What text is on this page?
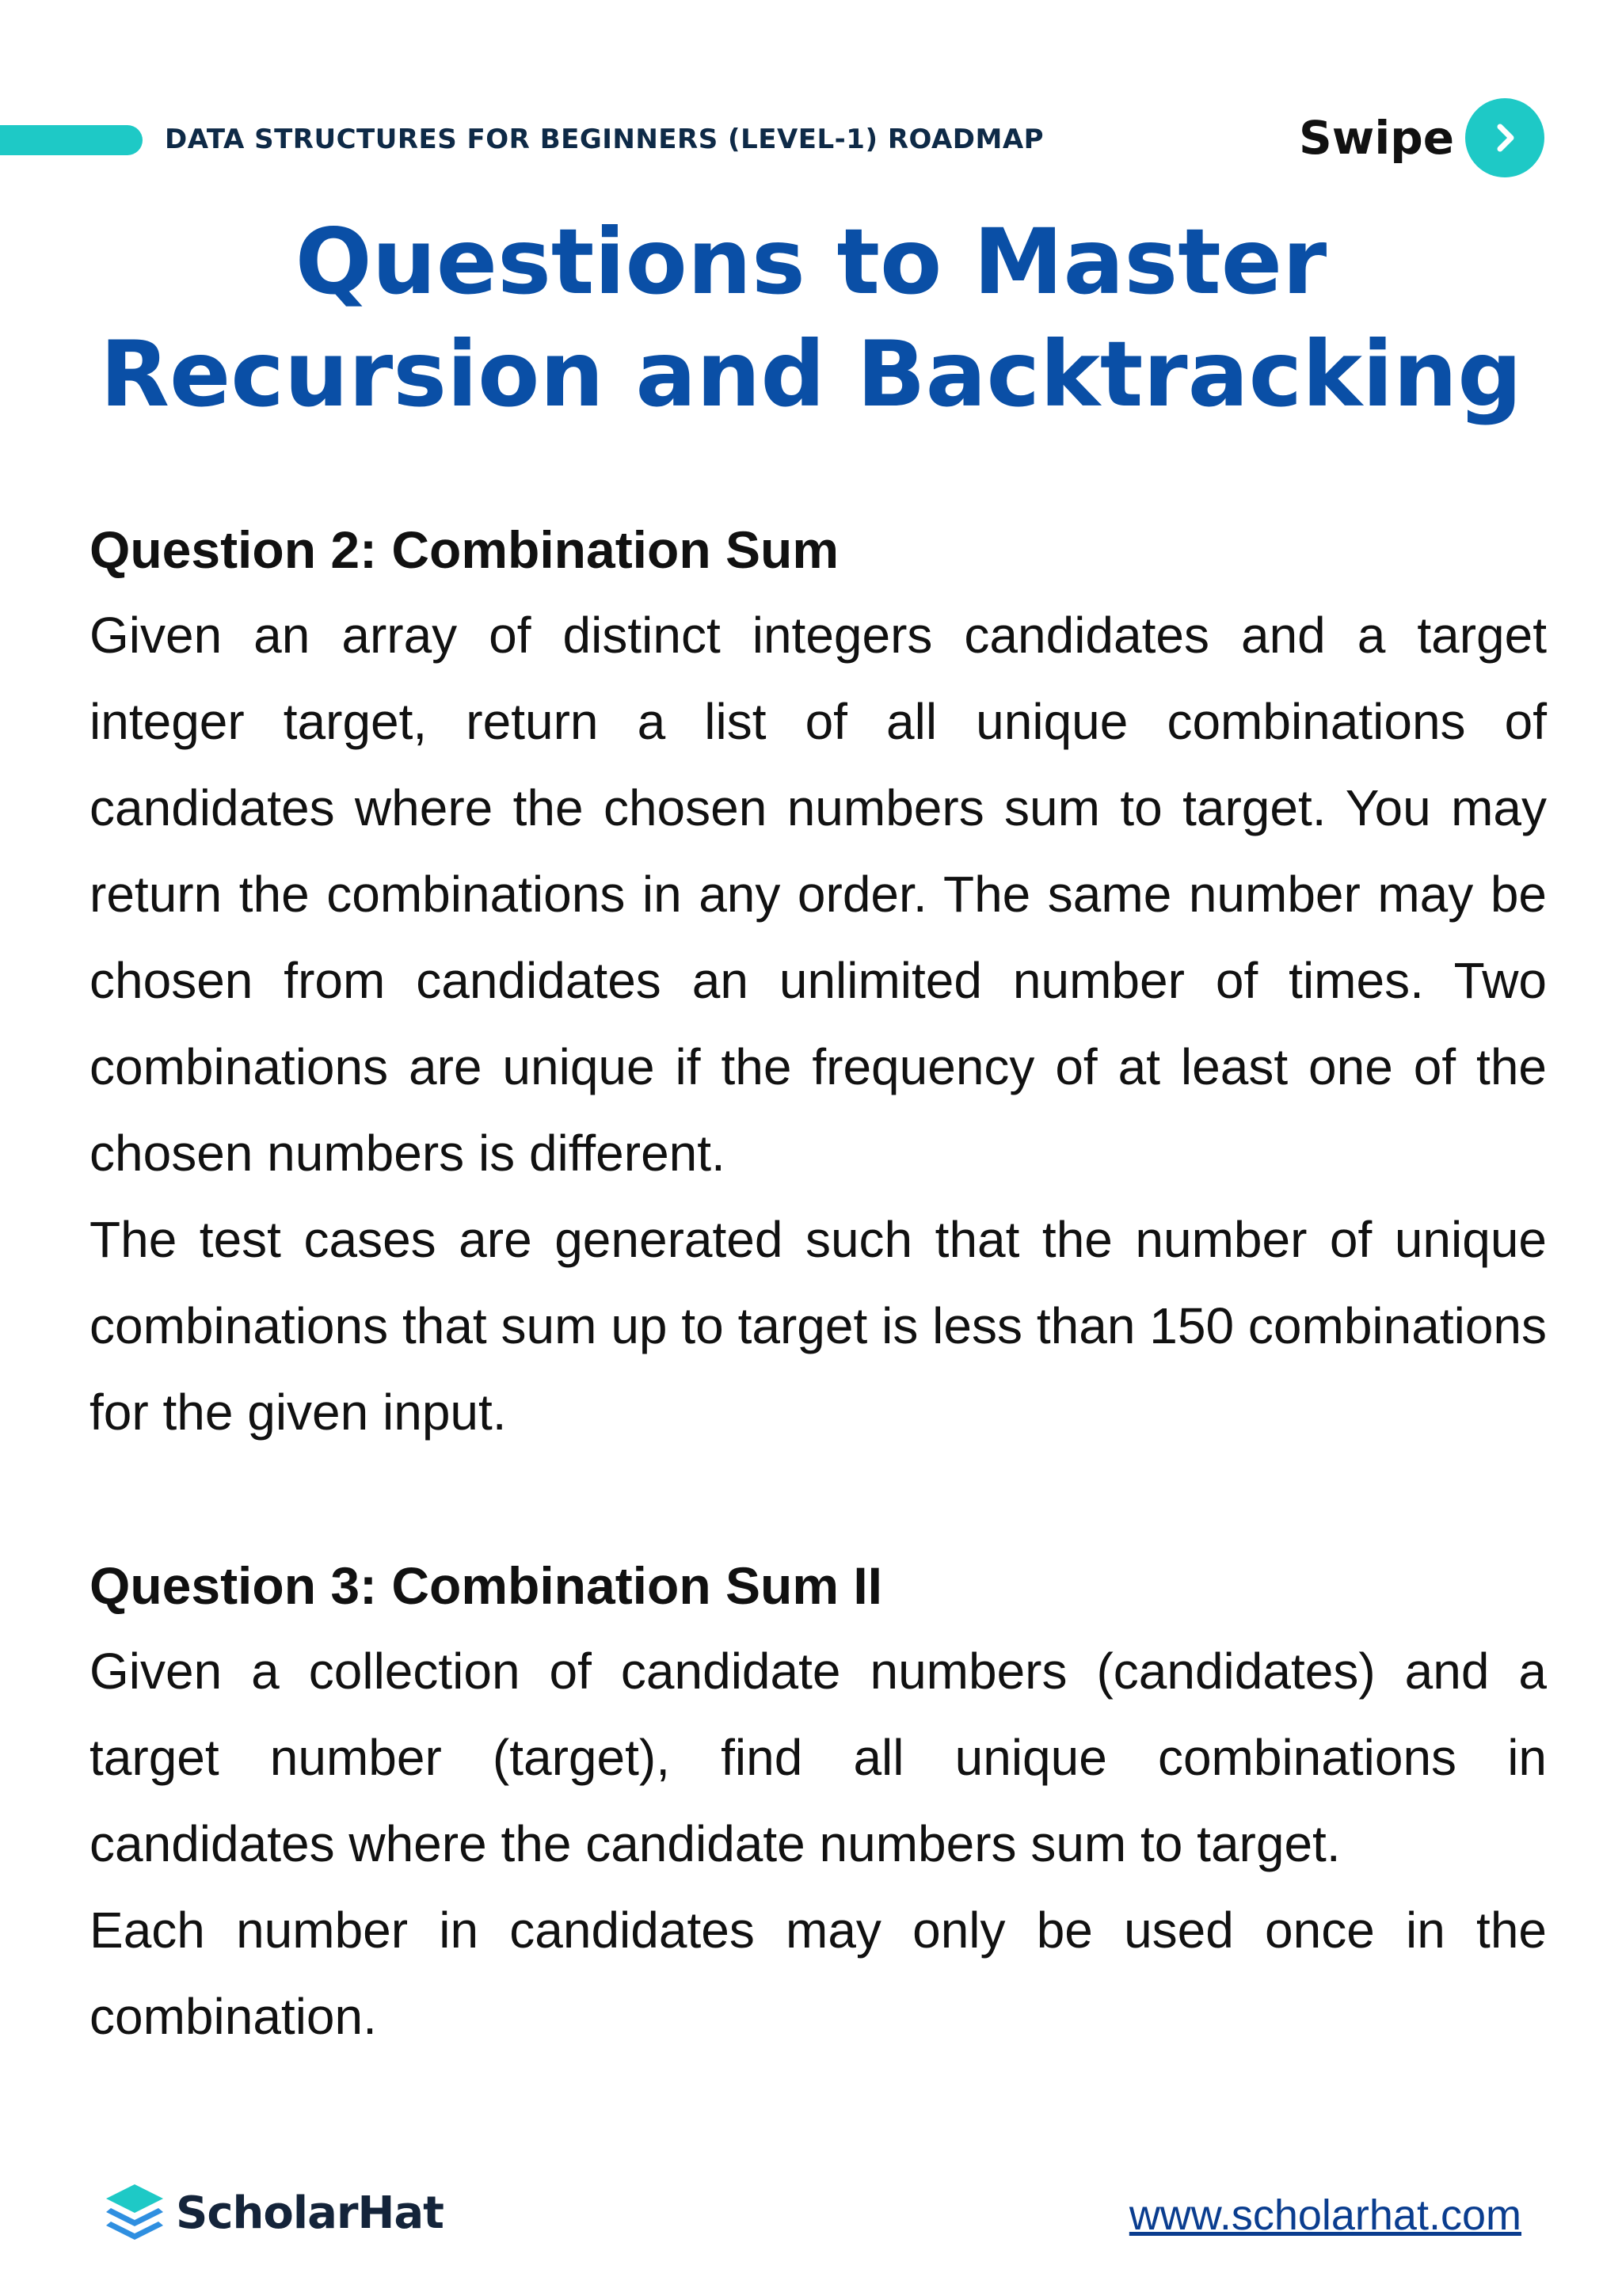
DATA STRUCTURES FOR BEGINNERS (LEVEL-1) ROADMAP	Swipe
Questions to Master
Recursion and Backtracking
Question 2: Combination Sum
Given an array of distinct integers candidates and a target integer target, return a list of all unique combinations of candidates where the chosen numbers sum to target. You may return the combinations in any order. The same number may be chosen from candidates an unlimited number of times. Two combinations are unique if the frequency of at least one of the chosen numbers is different.
The test cases are generated such that the number of unique combinations that sum up to target is less than 150 combinations for the given input.
Question 3: Combination Sum II
Given a collection of candidate numbers (candidates) and a target number (target), find all unique combinations in candidates where the candidate numbers sum to target.
Each number in candidates may only be used once in the combination.
ScholarHat	www.scholarhat.com
